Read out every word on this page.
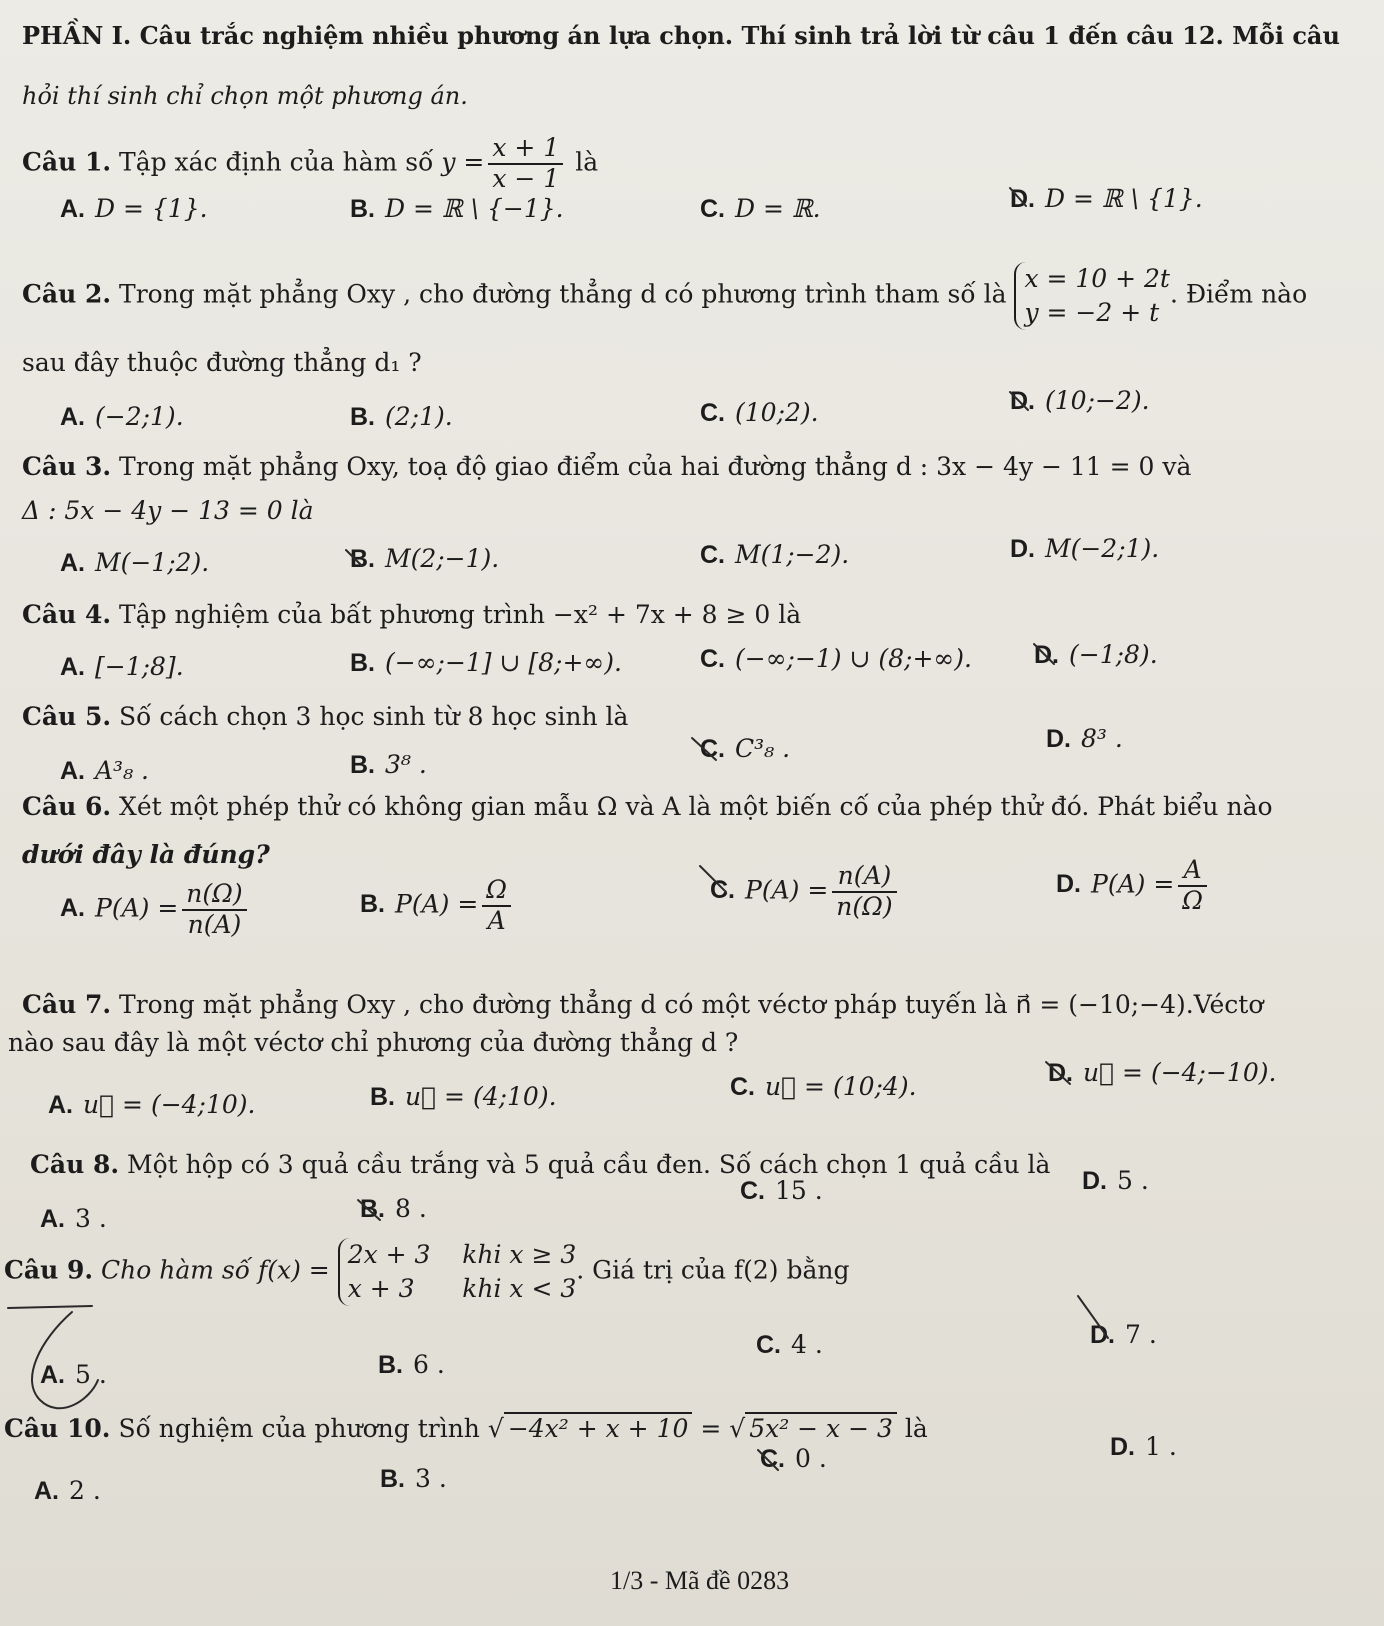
PHẦN I. Câu trắc nghiệm nhiều phương án lựa chọn. Thí sinh trả lời từ câu 1 đến câu 12. Mỗi câu
hỏi thí sinh chỉ chọn một phương án.
Câu 1. Tập xác định của hàm số $y = \frac{x + 1}{x - 1}$ là
A. D = {1}.	B. D = ℝ \ {−1}.	C. D = ℝ.	D. D = ℝ \ {1}.
Câu 2. Trong mặt phẳng Oxy , cho đường thẳng d có phương trình tham số là
x = 10 + 2t
y = −2 + t
. Điểm nào
sau đây thuộc đường thẳng d₁ ?
A. (−2;1).	B. (2;1).	C. (10;2).	D. (10;−2).
Câu 3. Trong mặt phẳng Oxy, toạ độ giao điểm của hai đường thẳng d : 3x − 4y − 11 = 0 và
Δ : 5x − 4y − 13 = 0 là
A. M(−1;2).	B. M(2;−1).	C. M(1;−2).	D. M(−2;1).
Câu 4. Tập nghiệm của bất phương trình −x² + 7x + 8 ≥ 0 là
A. [−1;8].	B. (−∞;−1] ∪ [8;+∞).	C. (−∞;−1) ∪ (8;+∞). D. (−1;8).
Câu 5. Số cách chọn 3 học sinh từ 8 học sinh là
A. A³₈ .	B. 3⁸ .
C. C³₈ .	D. 8³ .
Câu 6. Xét một phép thử có không gian mẫu Ω và A là một biến cố của phép thử đó. Phát biểu nào
dưới đây là đúng?
A. $P(A) = \frac{n(\Omega)}{n(A)}$	B. $P(A) = \frac{\Omega}{A}$	C. $P(A) = \frac{n(A)}{n(\Omega)}$	D. $P(A) = \frac{A}{\Omega}$
Câu 7. Trong mặt phẳng Oxy , cho đường thẳng d có một véctơ pháp tuyến là n⃗ = (−10;−4).Véctơ
nào sau đây là một véctơ chỉ phương của đường thẳng d ?
A. u⃗ = (−4;10).	B. u⃗ = (4;10).	C. u⃗ = (10;4).	D. u⃗ = (−4;−10).
Câu 8. Một hộp có 3 quả cầu trắng và 5 quả cầu đen. Số cách chọn 1 quả cầu là
A. 3 .	B. 8 .
C. 15 .	D. 5 .
Câu 9. Cho hàm số f(x) =
2x + 3    khi x ≥ 3
x + 3      khi x < 3
. Giá trị của f(2) bằng
A. 5 .	B. 6 .
C. 4 .	D. 7 .
Câu 10. Số nghiệm của phương trình √ −4x² + x + 10 = √ 5x² − x − 3 là
A. 2 .	B. 3 .
C. 0 .	D. 1 .
1/3 - Mã đề 0283
